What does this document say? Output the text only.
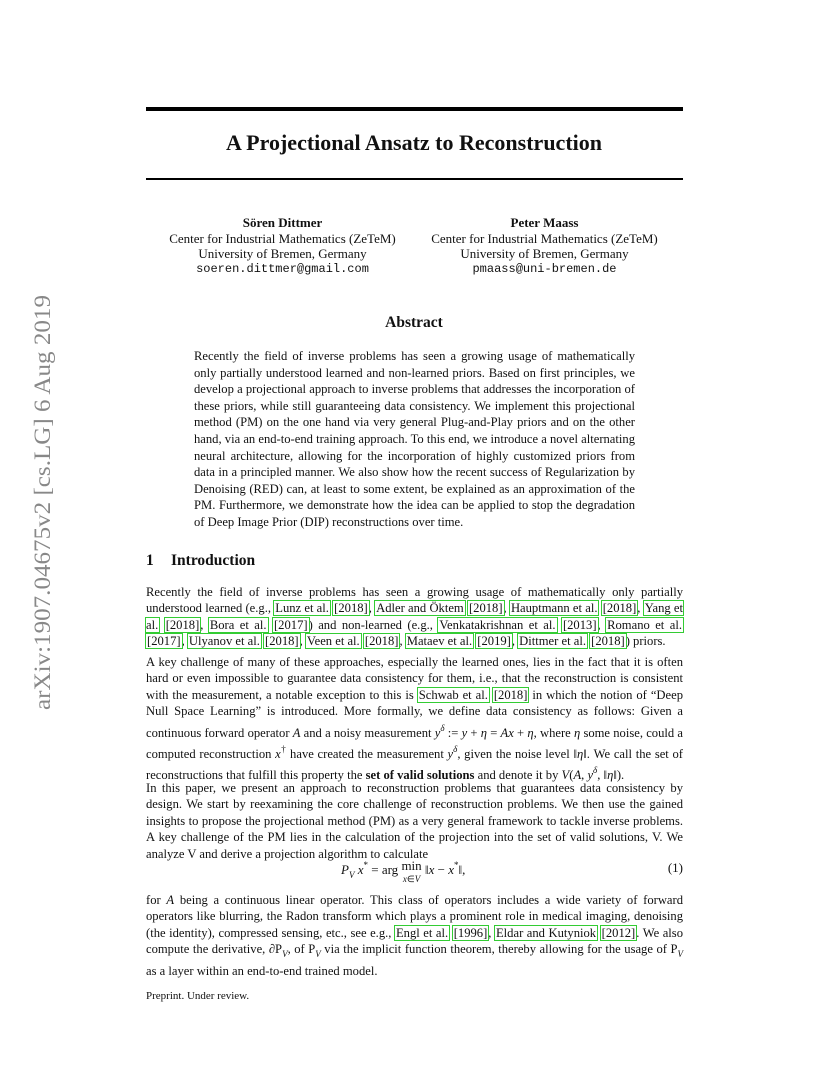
A Projectional Ansatz to Reconstruction
arXiv:1907.04675v2 [cs.LG] 6 Aug 2019
Sören Dittmer
Center for Industrial Mathematics (ZeTeM)
University of Bremen, Germany
soeren.dittmer@gmail.com
Peter Maass
Center for Industrial Mathematics (ZeTeM)
University of Bremen, Germany
pmaass@uni-bremen.de
Abstract
Recently the field of inverse problems has seen a growing usage of mathematically only partially understood learned and non-learned priors. Based on first principles, we develop a projectional approach to inverse problems that addresses the incorporation of these priors, while still guaranteeing data consistency. We implement this projectional method (PM) on the one hand via very general Plug-and-Play priors and on the other hand, via an end-to-end training approach. To this end, we introduce a novel alternating neural architecture, allowing for the incorporation of highly customized priors from data in a principled manner. We also show how the recent success of Regularization by Denoising (RED) can, at least to some extent, be explained as an approximation of the PM. Furthermore, we demonstrate how the idea can be applied to stop the degradation of Deep Image Prior (DIP) reconstructions over time.
1 Introduction
Recently the field of inverse problems has seen a growing usage of mathematically only partially understood learned (e.g., Lunz et al. [2018], Adler and Öktem [2018], Hauptmann et al. [2018], Yang et al. [2018], Bora et al. [2017]) and non-learned (e.g., Venkatakrishnan et al. [2013], Romano et al. [2017], Ulyanov et al. [2018], Veen et al. [2018], Mataev et al. [2019], Dittmer et al. [2018]) priors.
A key challenge of many of these approaches, especially the learned ones, lies in the fact that it is often hard or even impossible to guarantee data consistency for them, i.e., that the reconstruction is consistent with the measurement, a notable exception to this is Schwab et al. [2018] in which the notion of “Deep Null Space Learning” is introduced. More formally, we define data consistency as follows: Given a continuous forward operator A and a noisy measurement $y^\delta$ := y + η = Ax + η, where η some noise, could a computed reconstruction x† have created the measurement $y^\delta$, given the noise level ‖η‖. We call the set of reconstructions that fulfill this property the set of valid solutions and denote it by V(A, $y^\delta$, ‖η‖).
In this paper, we present an approach to reconstruction problems that guarantees data consistency by design. We start by reexamining the core challenge of reconstruction problems. We then use the gained insights to propose the projectional method (PM) as a very general framework to tackle inverse problems. A key challenge of the PM lies in the calculation of the projection into the set of valid solutions, V. We analyze V and derive a projection algorithm to calculate
$P_V$ x* = arg min
x∈V ‖x − x*‖,	(1)
for A being a continuous linear operator. This class of operators includes a wide variety of forward operators like blurring, the Radon transform which plays a prominent role in medical imaging, denoising (the identity), compressed sensing, etc., see e.g., Engl et al. [1996], Eldar and Kutyniok [2012]. We also compute the derivative, $\partial P_V$, of $P_V$ via the implicit function theorem, thereby allowing for the usage of $P_V$ as a layer within an end-to-end trained model.
Preprint. Under review.
